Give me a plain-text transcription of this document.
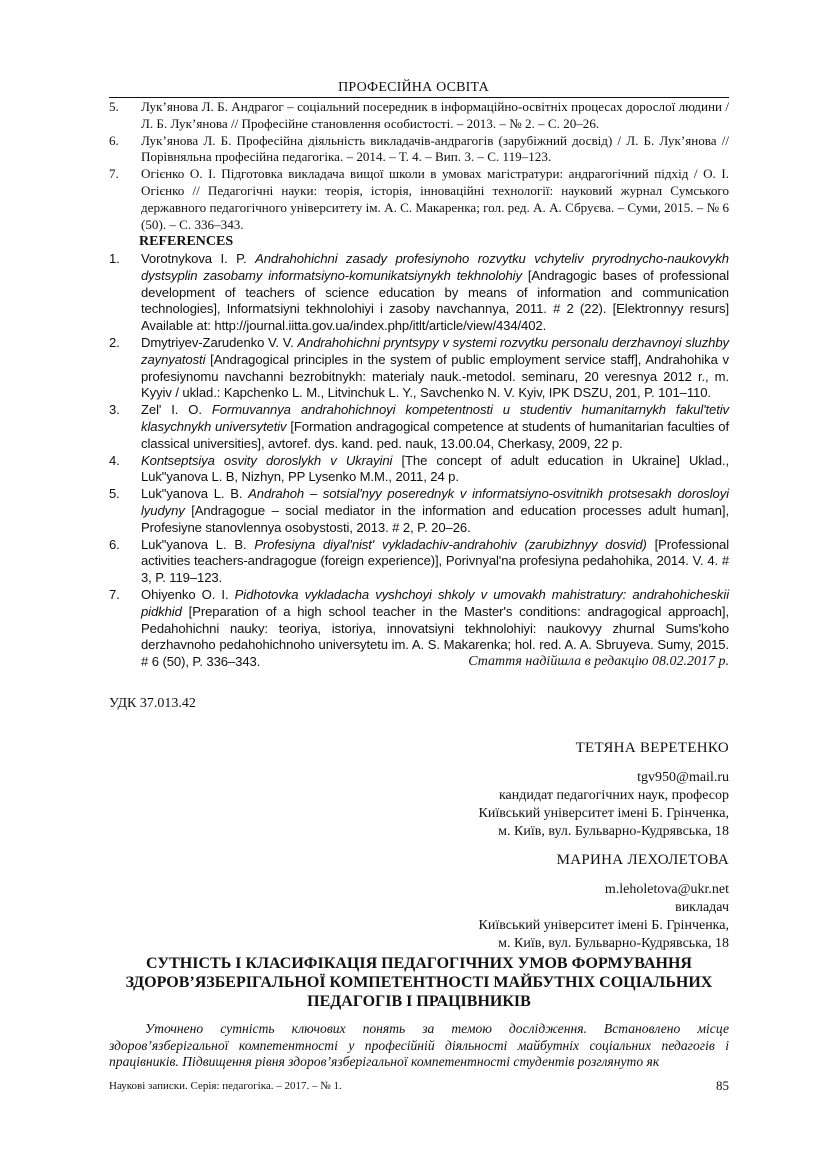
ПРОФЕСІЙНА ОСВІТА
5. Лук’янова Л. Б. Андрагог – соціальний посередник в інформаційно-освітніх процесах дорослої людини / Л. Б. Лук’янова // Професійне становлення особистості. – 2013. – № 2. – С. 20–26.
6. Лук’янова Л. Б. Професійна діяльність викладачів-андрагогів (зарубіжний досвід) / Л. Б. Лук’янова // Порівняльна професійна педагогіка. – 2014. – Т. 4. – Вип. 3. – С. 119–123.
7. Огієнко О. І. Підготовка викладача вищої школи в умовах магістратури: андрагогічний підхід / О. І. Огієнко // Педагогічні науки: теорія, історія, інноваційні технології: науковий журнал Сумського державного педагогічного університету ім. А. С. Макаренка; гол. ред. А. А. Сбруєва. – Суми, 2015. – № 6 (50). – С. 336–343.
REFERENCES
1. Vorotnykova I. P. Andrahohichni zasady profesiynoho rozvytku vchyteliv pryrodnycho-naukovykh dystsyplin zasobamy informatsiyno-komunikatsiynykh tekhnolohiy [Andragogic bases of professional development of teachers of science education by means of information and communication technologies], Informatsiyni tekhnolohiyi i zasoby navchannya, 2011. # 2 (22). [Elektronnyy resurs] Available at: http://journal.iitta.gov.ua/index.php/itlt/article/view/434/402.
2. Dmytriyev-Zarudenko V. V. Andrahohichni pryntsypy v systemi rozvytku personalu derzhavnoyi sluzhby zaynyatosti [Andragogical principles in the system of public employment service staff], Andrahohika v profesiynomu navchanni bezrobitnykh: materialy nauk.-metodol. seminaru, 20 veresnya 2012 r., m. Kyyiv / uklad.: Kapchenko L. M., Litvinchuk L. Y., Savchenko N. V. Kyiv, IPK DSZU, 201, P. 101–110.
3. Zel' I. O. Formuvannya andrahohichnoyi kompetentnosti u studentiv humanitarnykh fakul'tetiv klasychnykh universytetiv [Formation andragogical competence at students of humanitarian faculties of classical universities], avtoref. dys. kand. ped. nauk, 13.00.04, Cherkasy, 2009, 22 p.
4. Kontseptsiya osvity doroslykh v Ukrayini [The concept of adult education in Ukraine] Uklad., Luk"yanova L. B, Nizhyn, PP Lysenko M.M., 2011, 24 p.
5. Luk"yanova L. B. Andrahoh – sotsial'nyy poserednyk v informatsiyno-osvitnikh protsesakh dorosloyi lyudyny [Andragogue – social mediator in the information and education processes adult human], Profesiyne stanovlennya osobystosti, 2013. # 2, P. 20–26.
6. Luk"yanova L. B. Profesiyna diyal'nist' vykladachiv-andrahohiv (zarubizhnyy dosvid) [Professional activities teachers-andragogue (foreign experience)], Porivnyal'na profesiyna pedahohika, 2014. V. 4. # 3, P. 119–123.
7. Ohiyenko O. I. Pidhotovka vykladacha vyshchoyi shkoly v umovakh mahistratury: andrahohicheskii pidkhid [Preparation of a high school teacher in the Master's conditions: andragogical approach], Pedahohichni nauky: teoriya, istoriya, innovatsiyni tekhnolohiyi: naukovyy zhurnal Sums'koho derzhavnoho pedahohichnoho universytetu im. A. S. Makarenka; hol. red. A. A. Sbruyeva. Sumy, 2015. # 6 (50), P. 336–343.	Стаття надійшла в редакцію 08.02.2017 р.
УДК 37.013.42
ТЕТЯНА ВЕРЕТЕНКО
tgv950@mail.ru
кандидат педагогічних наук, професор
Київський університет імені Б. Грінченка,
м. Київ, вул. Бульварно-Кудрявська, 18
МАРИНА ЛЕХОЛЕТОВА
m.leholetova@ukr.net
викладач
Київський університет імені Б. Грінченка,
м. Київ, вул. Бульварно-Кудрявська, 18
СУТНІСТЬ І КЛАСИФІКАЦІЯ ПЕДАГОГІЧНИХ УМОВ ФОРМУВАННЯ ЗДОРОВ’ЯЗБЕРІГАЛЬНОЇ КОМПЕТЕНТНОСТІ МАЙБУТНІХ СОЦІАЛЬНИХ ПЕДАГОГІВ І ПРАЦІВНИКІВ
Уточнено сутність ключових понять за темою дослідження. Встановлено місце здоров’язберігальної компетентності у професійній діяльності майбутніх соціальних педагогів і працівників. Підвищення рівня здоров’язберігальної компетентності студентів розглянуто як
Наукові записки. Серія: педагогіка. – 2017. – № 1.	85
